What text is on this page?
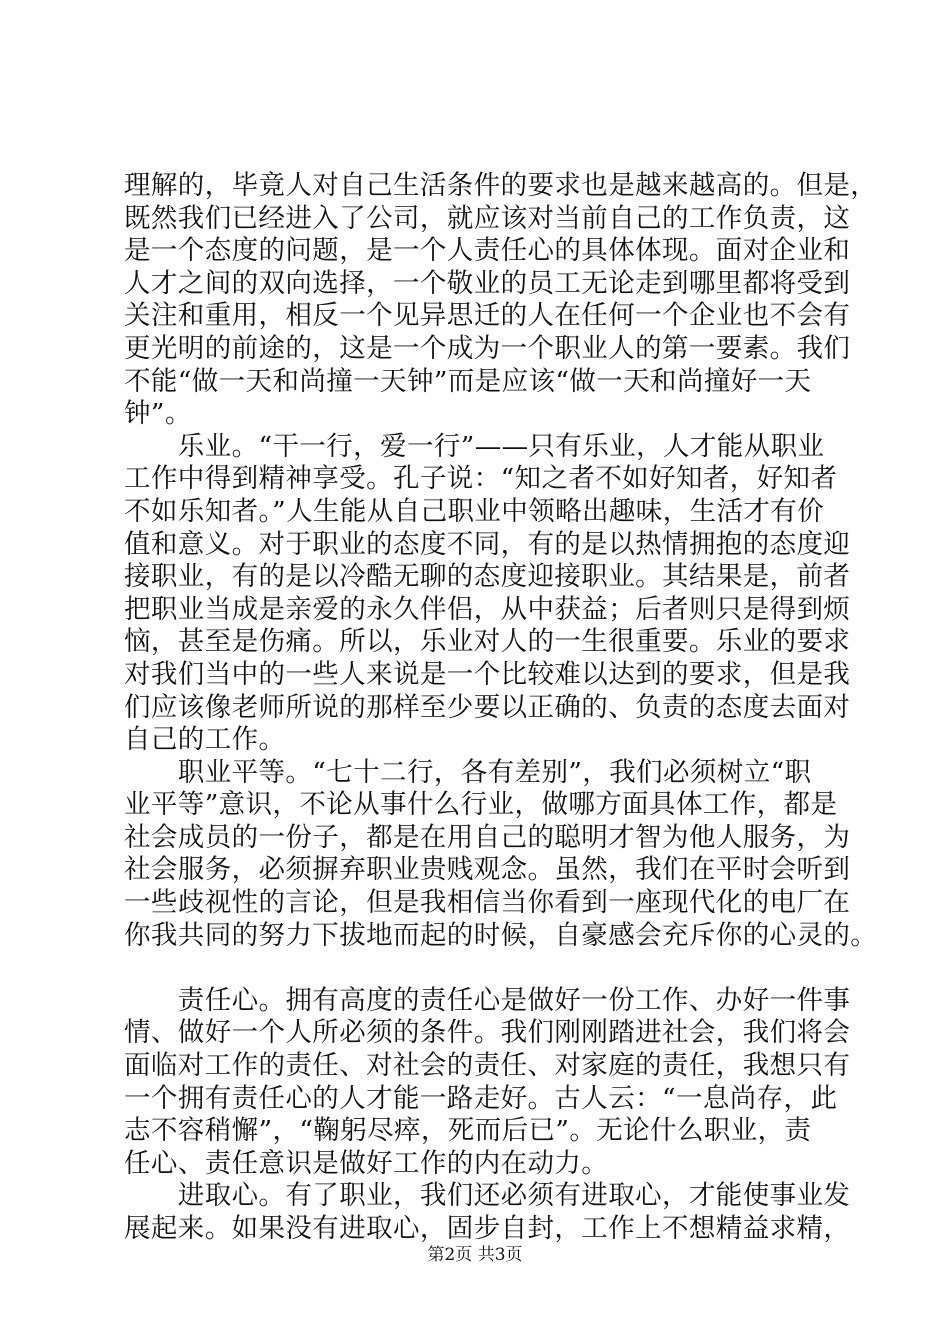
理解的，毕竟人对自己生活条件的要求也是越来越高的。但是，
既然我们已经进入了公司，就应该对当前自己的工作负责，这
是一个态度的问题，是一个人责任心的具体体现。面对企业和
人才之间的双向选择，一个敬业的员工无论走到哪里都将受到
关注和重用，相反一个见异思迁的人在任何一个企业也不会有
更光明的前途的，这是一个成为一个职业人的第一要素。我们
不能“做一天和尚撞一天钟”而是应该“做一天和尚撞好一天
钟”。
　　乐业。“干一行，爱一行”——只有乐业，人才能从职业
工作中得到精神享受。孔子说：“知之者不如好知者，好知者
不如乐知者。”人生能从自己职业中领略出趣味，生活才有价
值和意义。对于职业的态度不同，有的是以热情拥抱的态度迎
接职业，有的是以冷酷无聊的态度迎接职业。其结果是，前者
把职业当成是亲爱的永久伴侣，从中获益；后者则只是得到烦
恼，甚至是伤痛。所以，乐业对人的一生很重要。乐业的要求
对我们当中的一些人来说是一个比较难以达到的要求，但是我
们应该像老师所说的那样至少要以正确的、负责的态度去面对
自己的工作。
　　职业平等。“七十二行，各有差别”，我们必须树立“职
业平等”意识，不论从事什么行业，做哪方面具体工作，都是
社会成员的一份子，都是在用自己的聪明才智为他人服务，为
社会服务，必须摒弃职业贵贱观念。虽然，我们在平时会听到
一些歧视性的言论，但是我相信当你看到一座现代化的电厂在
你我共同的努力下拔地而起的时候，自豪感会充斥你的心灵的。
　　责任心。拥有高度的责任心是做好一份工作、办好一件事
情、做好一个人所必须的条件。我们刚刚踏进社会，我们将会
面临对工作的责任、对社会的责任、对家庭的责任，我想只有
一个拥有责任心的人才能一路走好。古人云：“一息尚存，此
志不容稍懈”，“鞠躬尽瘁，死而后已”。无论什么职业，责
任心、责任意识是做好工作的内在动力。
　　进取心。有了职业，我们还必须有进取心，才能使事业发
展起来。如果没有进取心，固步自封，工作上不想精益求精，
第2页 共3页
